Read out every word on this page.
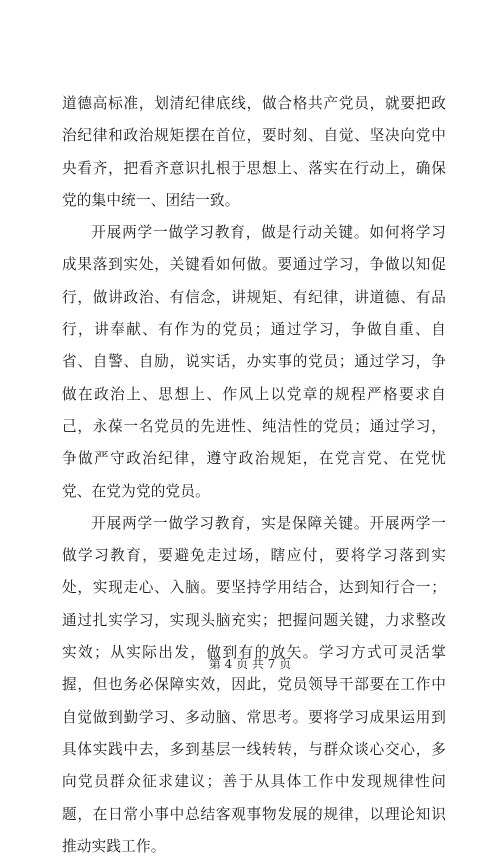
道德高标准，划清纪律底线，做合格共产党员，就要把政治纪律和政治规矩摆在首位，要时刻、自觉、坚决向党中央看齐，把看齐意识扎根于思想上、落实在行动上，确保党的集中统一、团结一致。

开展两学一做学习教育，做是行动关键。如何将学习成果落到实处，关键看如何做。要通过学习，争做以知促行，做讲政治、有信念，讲规矩、有纪律，讲道德、有品行，讲奉献、有作为的党员；通过学习，争做自重、自省、自警、自励，说实话，办实事的党员；通过学习，争做在政治上、思想上、作风上以党章的规程严格要求自己，永葆一名党员的先进性、纯洁性的党员；通过学习，争做严守政治纪律，遵守政治规矩，在党言党、在党忧党、在党为党的党员。

开展两学一做学习教育，实是保障关键。开展两学一做学习教育，要避免走过场，瞎应付，要将学习落到实处，实现走心、入脑。要坚持学用结合，达到知行合一；通过扎实学习，实现头脑充实；把握问题关键，力求整改实效；从实际出发，做到有的放矢。学习方式可灵活掌握，但也务必保障实效，因此，党员领导干部要在工作中自觉做到勤学习、多动脑、常思考。要将学习成果运用到具体实践中去，多到基层一线转转，与群众谈心交心，多向党员群众征求建议；善于从具体工作中发现规律性问题，在日常小事中总结客观事物发展的规律，以理论知识推动实践工作。

第 4 页 共 7 页
